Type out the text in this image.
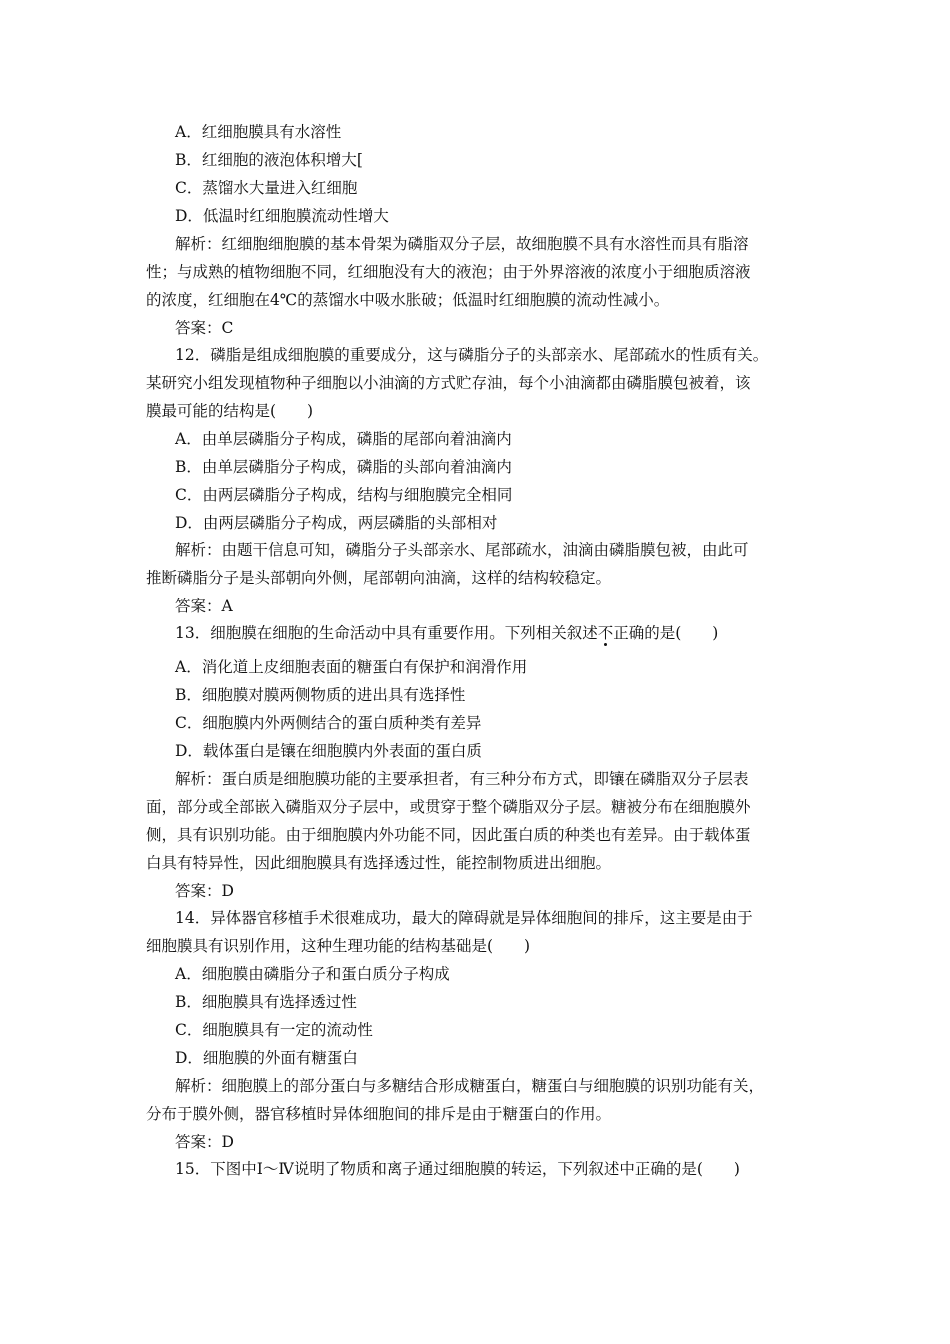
A．红细胞膜具有水溶性
B．红细胞的液泡体积增大[
C．蒸馏水大量进入红细胞
D．低温时红细胞膜流动性增大
解析：红细胞细胞膜的基本骨架为磷脂双分子层，故细胞膜不具有水溶性而具有脂溶
性；与成熟的植物细胞不同，红细胞没有大的液泡；由于外界溶液的浓度小于细胞质溶液
的浓度，红细胞在4℃的蒸馏水中吸水胀破；低温时红细胞膜的流动性减小。
答案：C
12．磷脂是组成细胞膜的重要成分，这与磷脂分子的头部亲水、尾部疏水的性质有关。
某研究小组发现植物种子细胞以小油滴的方式贮存油，每个小油滴都由磷脂膜包被着，该
膜最可能的结构是(　　)
A．由单层磷脂分子构成，磷脂的尾部向着油滴内
B．由单层磷脂分子构成，磷脂的头部向着油滴内
C．由两层磷脂分子构成，结构与细胞膜完全相同
D．由两层磷脂分子构成，两层磷脂的头部相对
解析：由题干信息可知，磷脂分子头部亲水、尾部疏水，油滴由磷脂膜包被，由此可
推断磷脂分子是头部朝向外侧，尾部朝向油滴，这样的结构较稳定。
答案：A
13．细胞膜在细胞的生命活动中具有重要作用。下列相关叙述不正确的是(　　)
A．消化道上皮细胞表面的糖蛋白有保护和润滑作用
B．细胞膜对膜两侧物质的进出具有选择性
C．细胞膜内外两侧结合的蛋白质种类有差异
D．载体蛋白是镶在细胞膜内外表面的蛋白质
解析：蛋白质是细胞膜功能的主要承担者，有三种分布方式，即镶在磷脂双分子层表
面，部分或全部嵌入磷脂双分子层中，或贯穿于整个磷脂双分子层。糖被分布在细胞膜外
侧，具有识别功能。由于细胞膜内外功能不同，因此蛋白质的种类也有差异。由于载体蛋
白具有特异性，因此细胞膜具有选择透过性，能控制物质进出细胞。
答案：D
14．异体器官移植手术很难成功，最大的障碍就是异体细胞间的排斥，这主要是由于
细胞膜具有识别作用，这种生理功能的结构基础是(　　)
A．细胞膜由磷脂分子和蛋白质分子构成
B．细胞膜具有选择透过性
C．细胞膜具有一定的流动性
D．细胞膜的外面有糖蛋白
解析：细胞膜上的部分蛋白与多糖结合形成糖蛋白，糖蛋白与细胞膜的识别功能有关，
分布于膜外侧，器官移植时异体细胞间的排斥是由于糖蛋白的作用。
答案：D
15．下图中Ⅰ～Ⅳ说明了物质和离子通过细胞膜的转运，下列叙述中正确的是(　　)
